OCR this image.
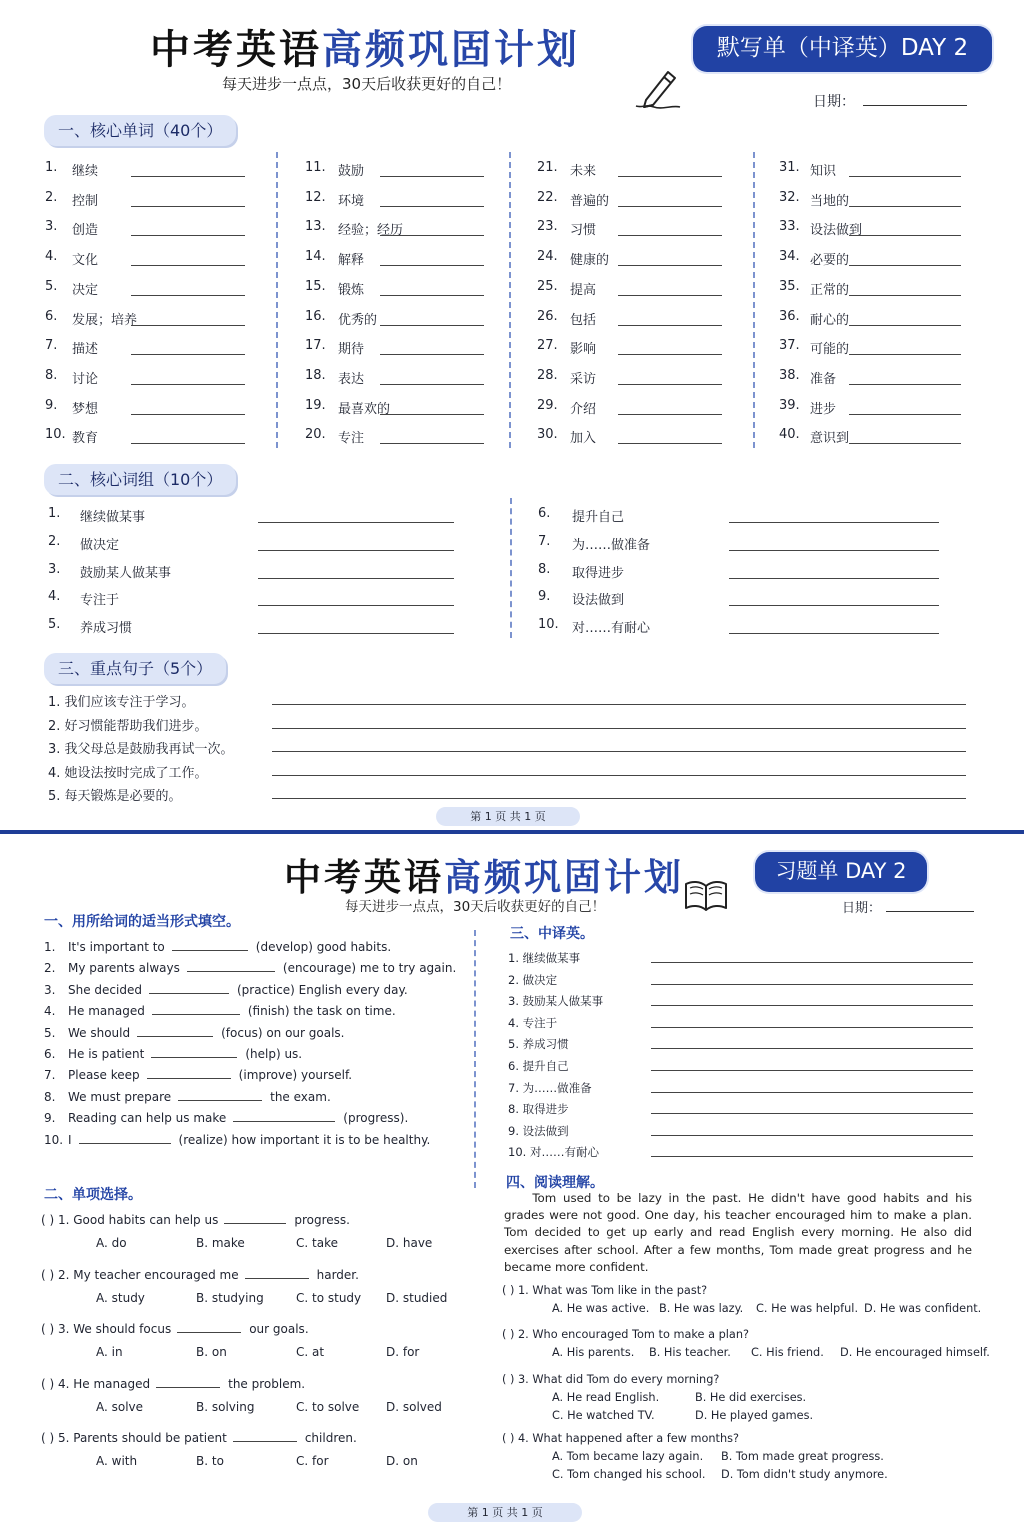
中考英语高频巩固计划
每天进步一点点，30天后收获更好的自己！
默写单（中译英）DAY 2
日期：
一、核心单词（40个）
1. 继续
2. 控制
3. 创造
4. 文化
5. 决定
6. 发展；培养
7. 描述
8. 讨论
9. 梦想
10. 教育
11. 鼓励
12. 环境
13. 经验；经历
14. 解释
15. 锻炼
16. 优秀的
17. 期待
18. 表达
19. 最喜欢的
20. 专注
21. 未来
22. 普遍的
23. 习惯
24. 健康的
25. 提高
26. 包括
27. 影响
28. 采访
29. 介绍
30. 加入
31. 知识
32. 当地的
33. 设法做到
34. 必要的
35. 正常的
36. 耐心的
37. 可能的
38. 准备
39. 进步
40. 意识到
二、核心词组（10个）
1. 继续做某事
2. 做决定
3. 鼓励某人做某事
4. 专注于
5. 养成习惯
6. 提升自己
7. 为……做准备
8. 取得进步
9. 设法做到
10. 对……有耐心
三、重点句子（5个）
1. 我们应该专注于学习。
2. 好习惯能帮助我们进步。
3. 我父母总是鼓励我再试一次。
4. 她设法按时完成了工作。
5. 每天锻炼是必要的。
第 1 页 共 1 页
中考英语高频巩固计划
每天进步一点点，30天后收获更好的自己！
习题单 DAY 2
日期：
一、用所给词的适当形式填空。
1. It's important to	(develop) good habits.
2. My parents always	(encourage) me to try again.
3. She decided	(practice) English every day.
4. He managed	(finish) the task on time.
5. We should	(focus) on our goals.
6. He is patient	(help) us.
7. Please keep	(improve) yourself.
8. We must prepare	the exam.
9. Reading can help us make	(progress).
10. I	(realize) how important it is to be healthy.
二、单项选择。
( ) 1. Good habits can help us	progress.
A. do	B. make	C. take	D. have
( ) 2. My teacher encouraged me	harder.
A. study	B. studying	C. to study D. studied
( ) 3. We should focus	our goals.
A. in	B. on	C. at	D. for
( ) 4. He managed	the problem.
A. solve	B. solving	C. to solve D. solved
( ) 5. Parents should be patient	children.
A. with	B. to	C. for	D. on
三、中译英。
1. 继续做某事
2. 做决定
3. 鼓励某人做某事
4. 专注于
5. 养成习惯
6. 提升自己
7. 为……做准备
8. 取得进步
9. 设法做到
10. 对……有耐心
四、阅读理解。
Tom used to be lazy in the past. He didn't have good habits and his grades were not good. One day, his teacher encouraged him to make a plan. Tom decided to get up early and read English every morning. He also did exercises after school. After a few months, Tom made great progress and he became more confident.
( ) 1. What was Tom like in the past?
A. He was active. B. He was lazy. C. He was helpful. D. He was confident.
( ) 2. Who encouraged Tom to make a plan?
A. His parents. B. His teacher. C. His friend. D. He encouraged himself.
( ) 3. What did Tom do every morning?
A. He read English.	B. He did exercises.
C. He watched TV.	D. He played games.
( ) 4. What happened after a few months?
A. Tom became lazy again. B. Tom made great progress.
C. Tom changed his school. D. Tom didn't study anymore.
第 1 页 共 1 页
